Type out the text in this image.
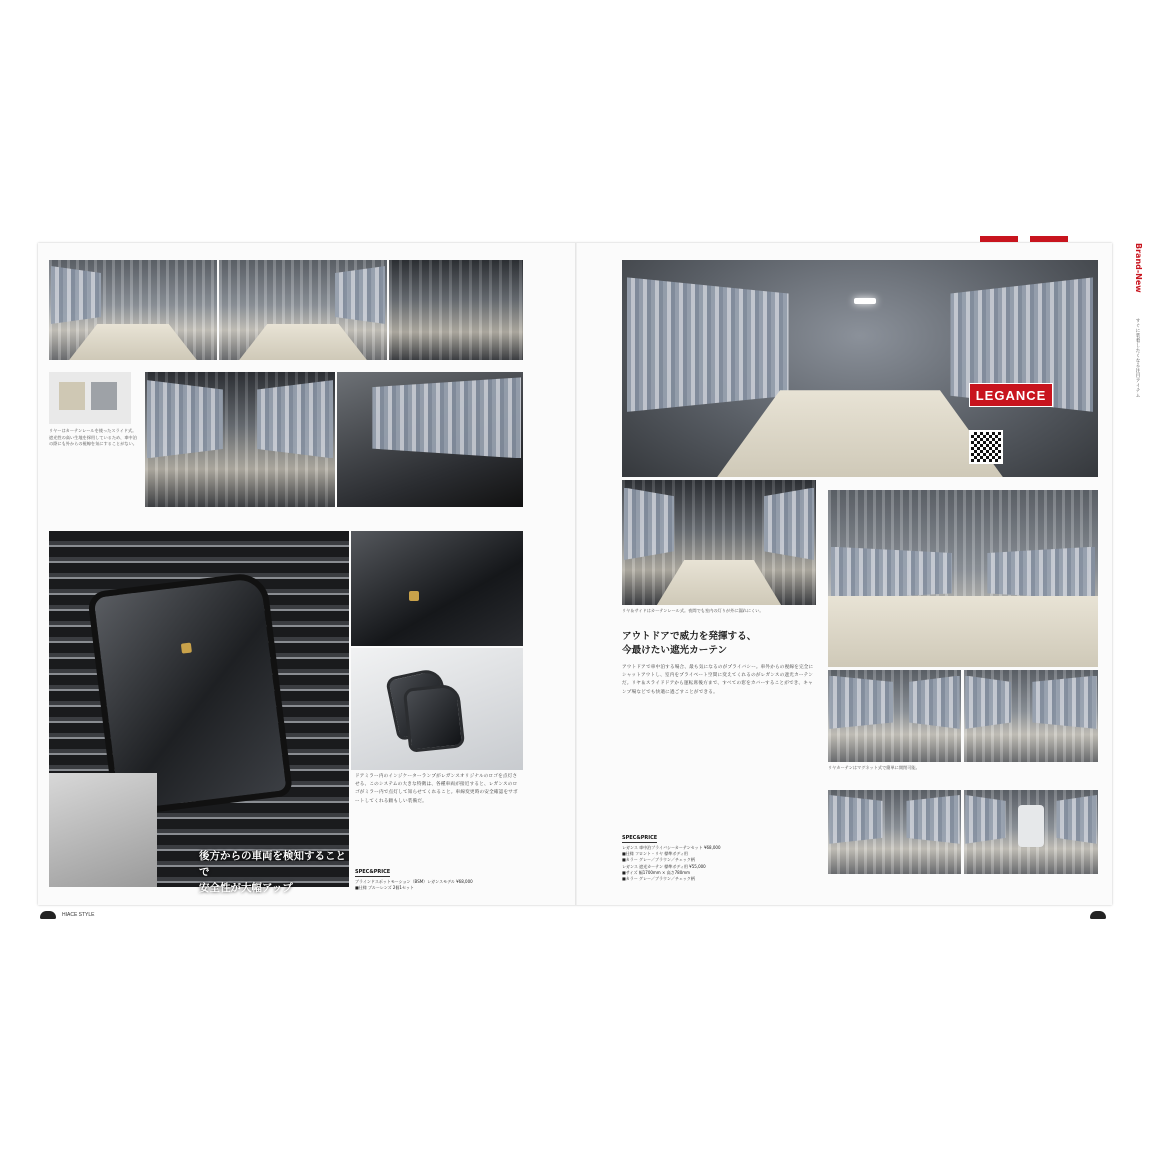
リヤーはカーテンレールを使ったスライド式。遮光性の高い生地を採用しているため、車中泊の際にも外からの視線を気にすることがない。
後方からの車両を検知することで
安全性が大幅アップ
ドアミラー内のインジケーターランプがレガンスオリジナルのロゴを点灯させる、このシステムの大きな特徴は、各種車両が接近すると、レガンスのロゴがミラー内で点灯して知らせてくれること。車線変更時の安全確認をサポートしてくれる頼もしい装備だ。
SPEC&PRICE
ブラインドスポットモーション（BSM）レガンスモデル ¥68,000
■仕様 ブルーレンズ 2個1セット
HIACE STYLE
Brand-New
すぐに装着したくなる注目アイテム
LEGANCE
リヤ＆サイドはカーテンレール式。夜間でも室内の灯りが外に漏れにくい。
アウトドアで威力を発揮する、
今最けたい遮光カーテン
アウトドアで車中泊する場合、最も気になるのがプライバシー。車外からの視線を完全にシャットアウトし、室内をプライベート空間に変えてくれるのがレガンスの遮光カーテンだ。リヤ＆スライドドアから運転席後方まで、すべての窓をカバーすることができ、キャンプ場などでも快適に過ごすことができる。
SPEC&PRICE
レガンス 車中泊プライバシーカーテンセット ¥68,000
■仕様 フロント・リヤ 標準ボディ用
■カラー グレー／ブラウン／チェック柄
レガンス 遮光カーテン 標準ボディ用 ¥55,000
■サイズ 幅1700mm × 高さ780mm
■カラー グレー／ブラウン／チェック柄
リヤカーテンはマグネット式で簡単に開閉可能。
